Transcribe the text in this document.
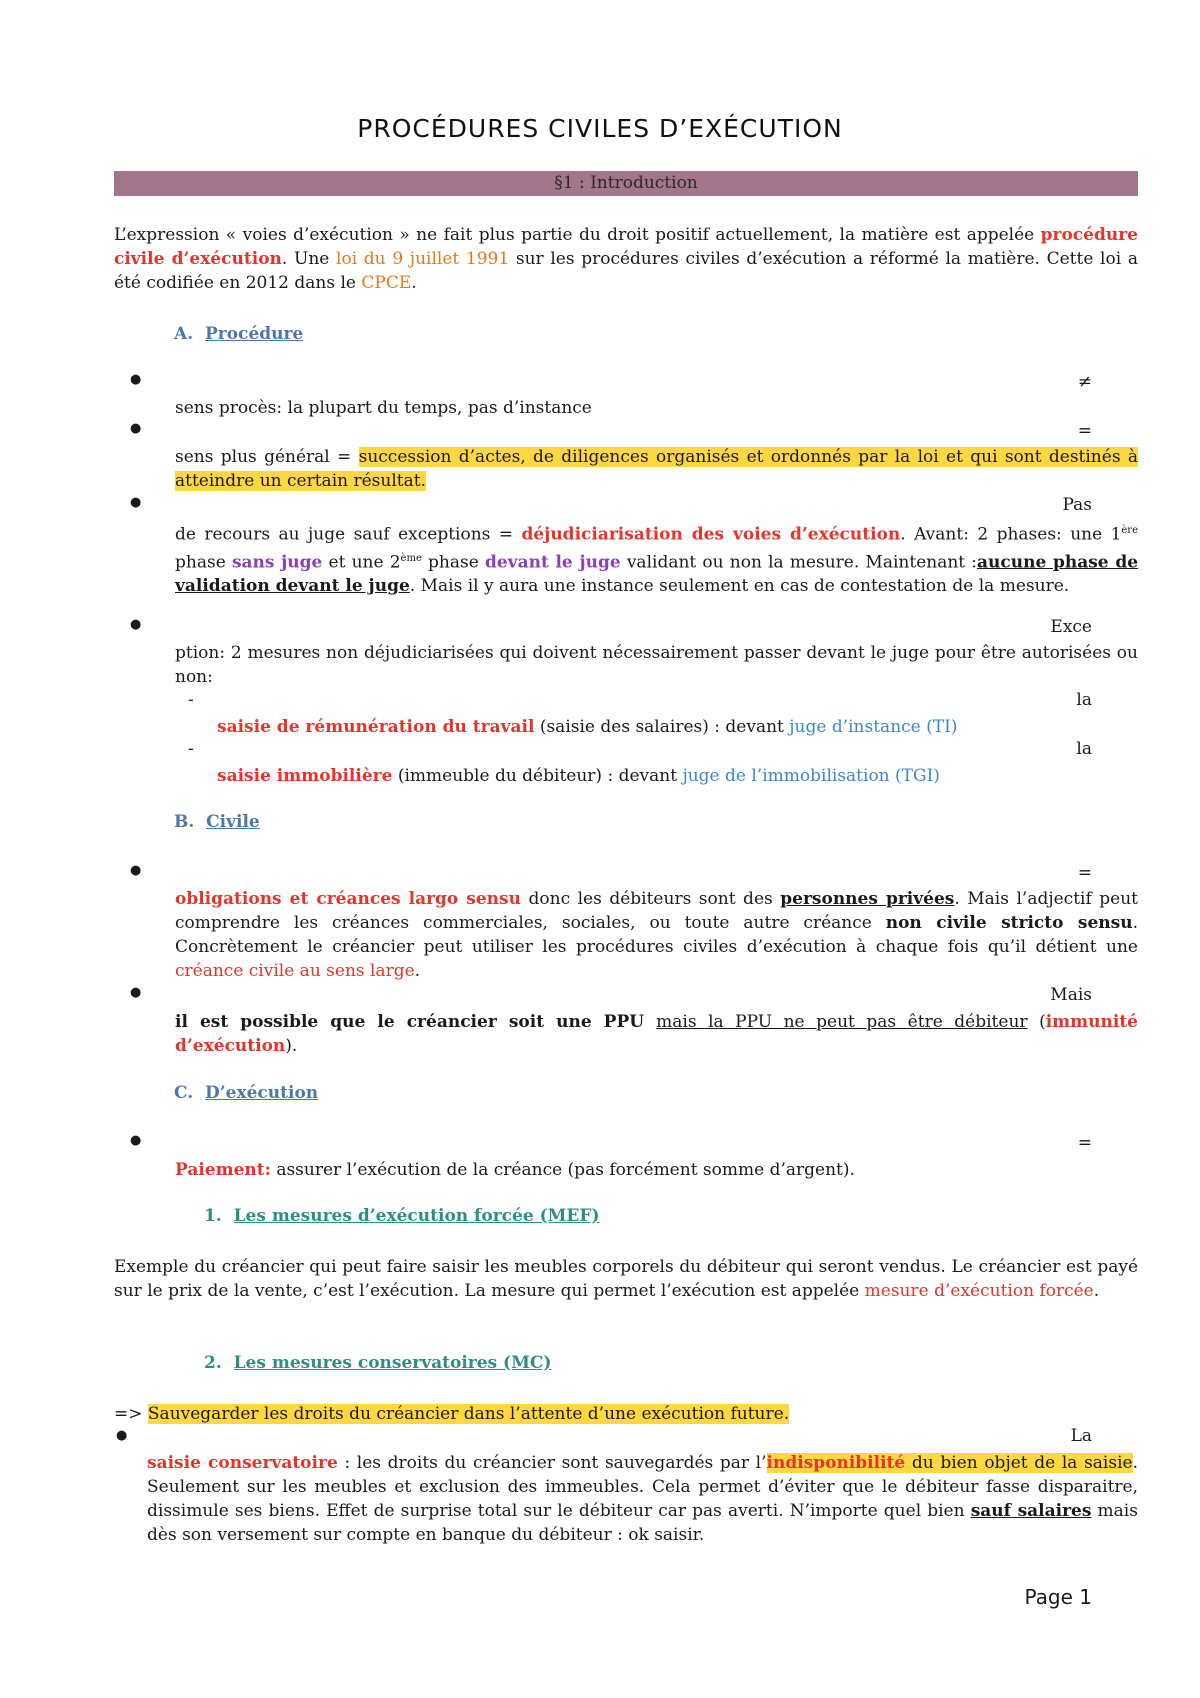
PROCÉDURES CIVILES D’EXÉCUTION
§1 : Introduction
L’expression « voies d’exécution » ne fait plus partie du droit positif actuellement, la matière est appelée procédure civile d’exécution. Une loi du 9 juillet 1991 sur les procédures civiles d’exécution a réformé la matière. Cette loi a été codifiée en 2012 dans le CPCE.
A. Procédure
●	≠
sens procès: la plupart du temps, pas d’instance
●	=
sens plus général = succession d’actes, de diligences organisés et ordonnés par la loi et qui sont destinés à atteindre un certain résultat.
●	Pas
de recours au juge sauf exceptions = déjudiciarisation des voies d’exécution. Avant: 2 phases: une 1ère phase sans juge et une 2ème phase devant le juge validant ou non la mesure. Maintenant :aucune phase de validation devant le juge. Mais il y aura une instance seulement en cas de contestation de la mesure.
●	Exce
ption: 2 mesures non déjudiciarisées qui doivent nécessairement passer devant le juge pour être autorisées ou non:
-	la
saisie de rémunération du travail (saisie des salaires) : devant juge d’instance (TI)
-	la
saisie immobilière (immeuble du débiteur) : devant juge de l’immobilisation (TGI)
B. Civile
●	=
obligations et créances largo sensu donc les débiteurs sont des personnes privées. Mais l’adjectif peut comprendre les créances commerciales, sociales, ou toute autre créance non civile stricto sensu. Concrètement le créancier peut utiliser les procédures civiles d’exécution à chaque fois qu’il détient une créance civile au sens large.
●	Mais
il est possible que le créancier soit une PPU mais la PPU ne peut pas être débiteur (immunité d’exécution).
C. D’exécution
●	=
Paiement: assurer l’exécution de la créance (pas forcément somme d’argent).
1. Les mesures d’exécution forcée (MEF)
Exemple du créancier qui peut faire saisir les meubles corporels du débiteur qui seront vendus. Le créancier est payé sur le prix de la vente, c’est l’exécution. La mesure qui permet l’exécution est appelée mesure d’exécution forcée.
2. Les mesures conservatoires (MC)
=> Sauvegarder les droits du créancier dans l’attente d’une exécution future.
●	La
saisie conservatoire : les droits du créancier sont sauvegardés par l’indisponibilité du bien objet de la saisie. Seulement sur les meubles et exclusion des immeubles. Cela permet d’éviter que le débiteur fasse disparaitre, dissimule ses biens. Effet de surprise total sur le débiteur car pas averti. N’importe quel bien sauf salaires mais dès son versement sur compte en banque du débiteur : ok saisir.
Page 1
